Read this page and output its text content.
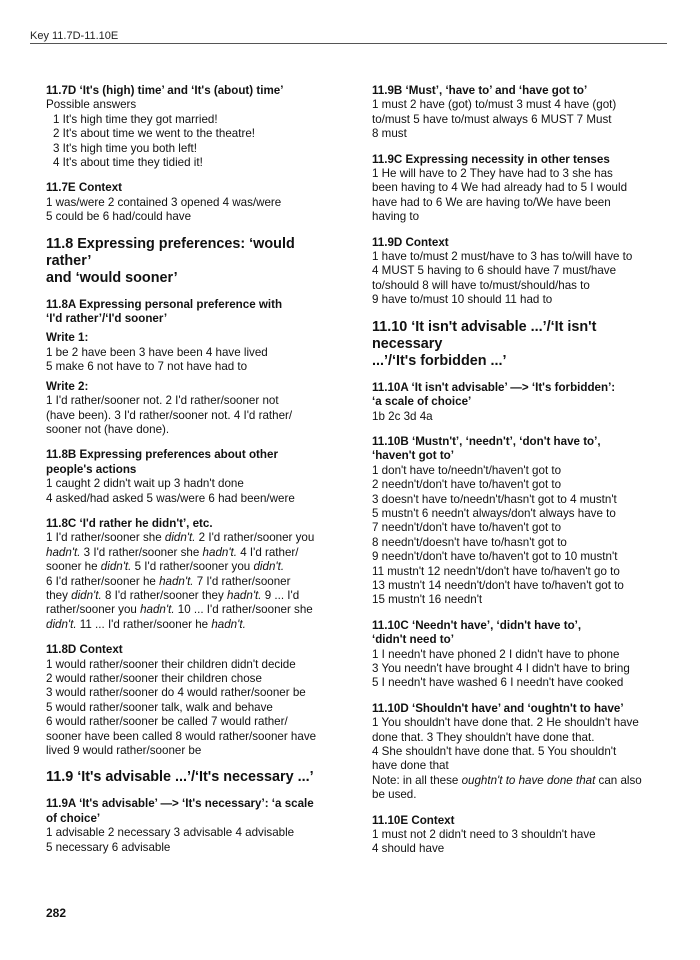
Key 11.7D-11.10E

11.7D ‘It's (high) time’ and ‘It's (about) time’

Possible answers

1 It's high time they got married!
2 It's about time we went to the theatre!
3 It's high time you both left!
4 It's about time they tidied it!

11.7E Context

1 was/were 2 contained 3 opened 4 was/were
5 could be 6 had/could have

11.8 Expressing preferences: ‘would rather’
and ‘would sooner’

11.8A Expressing personal preference with
‘I'd rather’/‘I'd sooner’

Write 1:

1 be 2 have been 3 have been 4 have lived
5 make 6 not have to 7 not have had to

Write 2:

1 I'd rather/sooner not. 2 I'd rather/sooner not
(have been). 3 I'd rather/sooner not. 4 I'd rather/
sooner not (have done).

11.8B Expressing preferences about other
people's actions

1 caught 2 didn't wait up 3 hadn't done
4 asked/had asked 5 was/were 6 had been/were

11.8C ‘I'd rather he didn't’, etc.

1 I'd rather/sooner she didn't. 2 I'd rather/sooner you
hadn't. 3 I'd rather/sooner she hadn't. 4 I'd rather/
sooner he didn't. 5 I'd rather/sooner you didn't.
6 I'd rather/sooner he hadn't. 7 I'd rather/sooner
they didn't. 8 I'd rather/sooner they hadn't. 9 ... I'd
rather/sooner you hadn't. 10 ... I'd rather/sooner she
didn't. 11 ... I'd rather/sooner he hadn't.

11.8D Context

1 would rather/sooner their children didn't decide
2 would rather/sooner their children chose
3 would rather/sooner do 4 would rather/sooner be
5 would rather/sooner talk, walk and behave
6 would rather/sooner be called 7 would rather/
sooner have been called 8 would rather/sooner have
lived 9 would rather/sooner be

11.9 ‘It's advisable ...’/‘It's necessary ...’

11.9A ‘It's advisable’ —> ‘It's necessary’: ‘a scale
of choice’

1 advisable 2 necessary 3 advisable 4 advisable
5 necessary 6 advisable

11.9B ‘Must’, ‘have to’ and ‘have got to’

1 must 2 have (got) to/must 3 must 4 have (got)
to/must 5 have to/must always 6 MUST 7 Must
8 must

11.9C Expressing necessity in other tenses

1 He will have to 2 They have had to 3 she has
been having to 4 We had already had to 5 I would
have had to 6 We are having to/We have been
having to

11.9D Context

1 have to/must 2 must/have to 3 has to/will have to
4 MUST 5 having to 6 should have 7 must/have
to/should 8 will have to/must/should/has to
9 have to/must 10 should 11 had to

11.10 ‘It isn't advisable ...’/‘It isn't necessary
...’/‘It's forbidden ...’

11.10A ‘It isn't advisable’ —> ‘It's forbidden’:
‘a scale of choice’

1b 2c 3d 4a

11.10B ‘Mustn't’, ‘needn't’, ‘don't have to’,
‘haven't got to’

1 don't have to/needn't/haven't got to
2 needn't/don't have to/haven't got to
3 doesn't have to/needn't/hasn't got to 4 mustn't
5 mustn't 6 needn't always/don't always have to
7 needn't/don't have to/haven't got to
8 needn't/doesn't have to/hasn't got to
9 needn't/don't have to/haven't got to 10 mustn't
11 mustn't 12 needn't/don't have to/haven't go to
13 mustn't 14 needn't/don't have to/haven't got to
15 mustn't 16 needn't

11.10C ‘Needn't have’, ‘didn't have to’,
‘didn't need to’

1 I needn't have phoned 2 I didn't have to phone
3 You needn't have brought 4 I didn't have to bring
5 I needn't have washed 6 I needn't have cooked

11.10D ‘Shouldn't have’ and ‘oughtn't to have’

1 You shouldn't have done that. 2 He shouldn't have
done that. 3 They shouldn't have done that.
4 She shouldn't have done that. 5 You shouldn't
have done that
Note: in all these oughtn't to have done that can also
be used.

11.10E Context

1 must not 2 didn't need to 3 shouldn't have
4 should have
282
